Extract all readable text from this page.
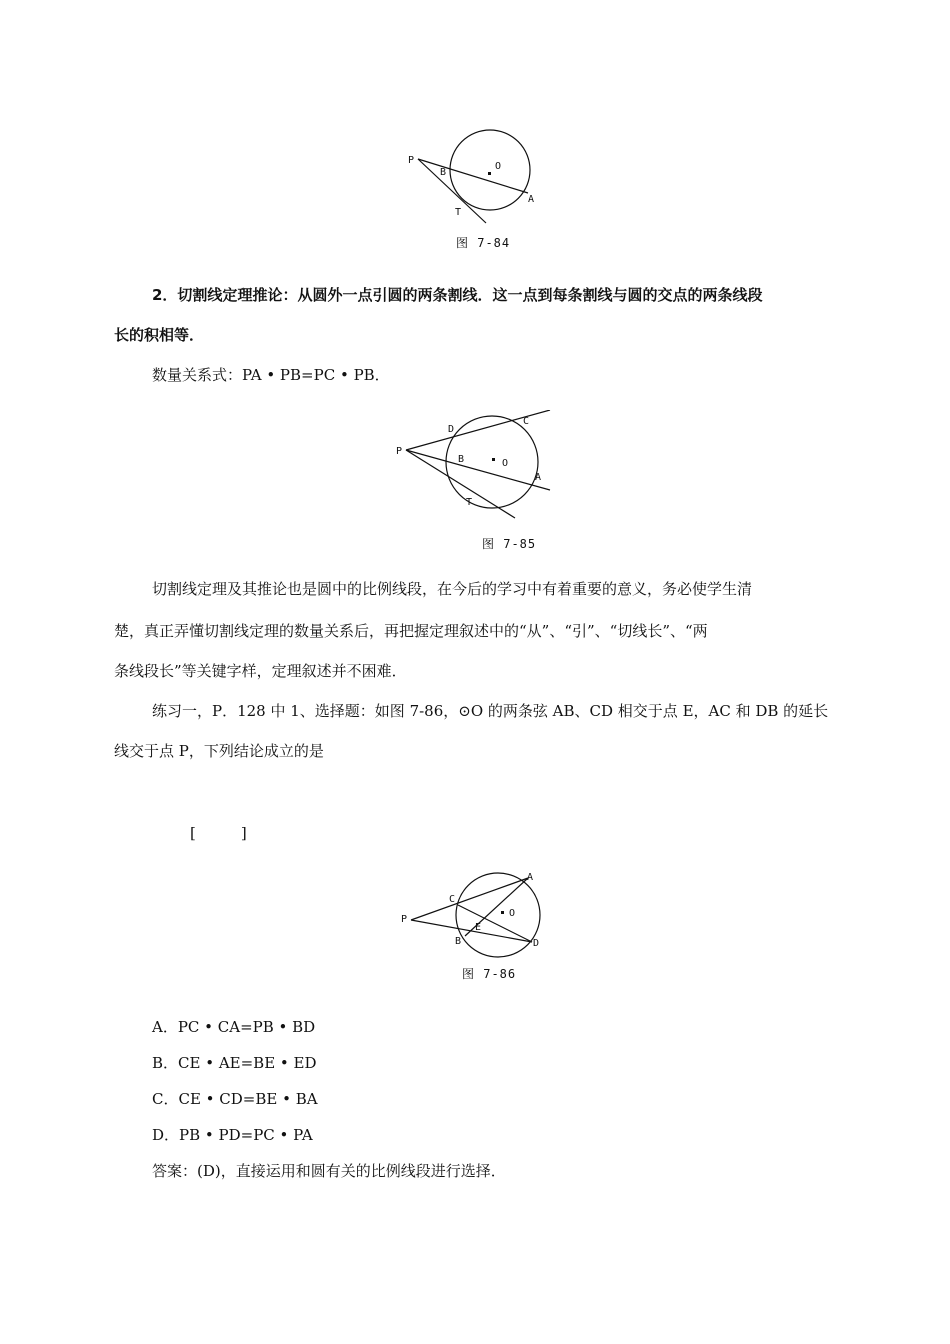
P
B
O
A
T
图 7-84
2．切割线定理推论：从圆外一点引圆的两条割线．这一点到每条割线与圆的交点的两条线段
长的积相等．
数量关系式：PA • PB=PC • PB．
P
D
C
B	O
A
T
图 7-85
切割线定理及其推论也是圆中的比例线段，在今后的学习中有着重要的意义，务必使学生清
楚，真正弄懂切割线定理的数量关系后，再把握定理叙述中的“从”、“引”、“切线长”、“两
条线段长”等关键字样，定理叙述并不困难．
练习一，P．128 中 1、选择题：如图 7-86，⊙O 的两条弦 AB、CD 相交于点 E，AC 和 DB 的延长
线交于点 P，下列结论成立的是
[　　　]
A
C
O
P
E
B	D
图 7-86
A．PC • CA=PB • BD
B．CE • AE=BE • ED
C．CE • CD=BE • BA
D．PB • PD=PC • PA
答案：(D)，直接运用和圆有关的比例线段进行选择．
